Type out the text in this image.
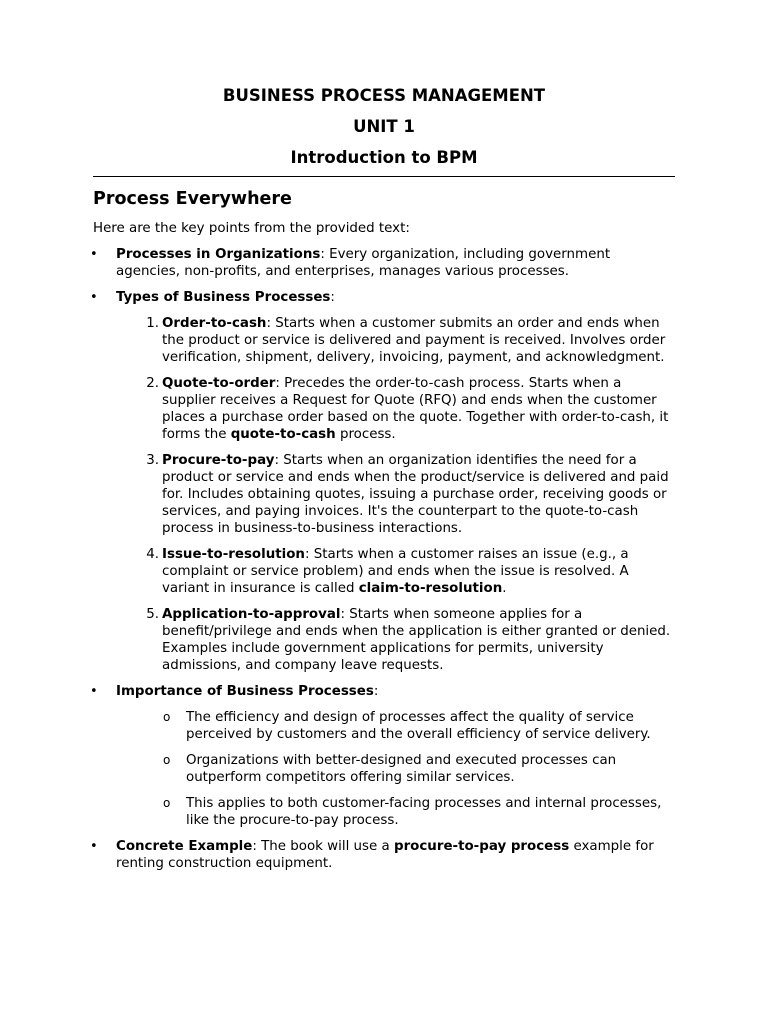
BUSINESS PROCESS MANAGEMENT
UNIT 1
Introduction to BPM
Process Everywhere

Here are the key points from the provided text:

• Processes in Organizations: Every organization, including government agencies, non-profits, and enterprises, manages various processes.
• Types of Business Processes:
1 . Order-to-cash: Starts when a customer submits an order and ends when the product or service is delivered and payment is received. Involves order verification, shipment, delivery, invoicing, payment, and acknowledgment.
2 . Quote-to-order: Precedes the order-to-cash process. Starts when a supplier receives a Request for Quote (RFQ) and ends when the customer places a purchase order based on the quote. Together with order-to-cash, it forms the quote-to-cash process.
3 . Procure-to-pay: Starts when an organization identifies the need for a product or service and ends when the product/service is delivered and paid for. Includes obtaining quotes, issuing a purchase order, receiving goods or services, and paying invoices. It's the counterpart to the quote-to-cash process in business-to-business interactions.
4 . Issue-to-resolution: Starts when a customer raises an issue (e.g., a complaint or service problem) and ends when the issue is resolved. A variant in insurance is called claim-to-resolution.
5 . Application-to-approval: Starts when someone applies for a benefit/privilege and ends when the application is either granted or denied. Examples include government applications for permits, university admissions, and company leave requests.
• Importance of Business Processes:
o The efficiency and design of processes affect the quality of service perceived by customers and the overall efficiency of service delivery.
o Organizations with better-designed and executed processes can outperform competitors offering similar services.
o This applies to both customer-facing processes and internal processes, like the procure-to-pay process.
• Concrete Example: The book will use a procure-to-pay process example for renting construction equipment.
